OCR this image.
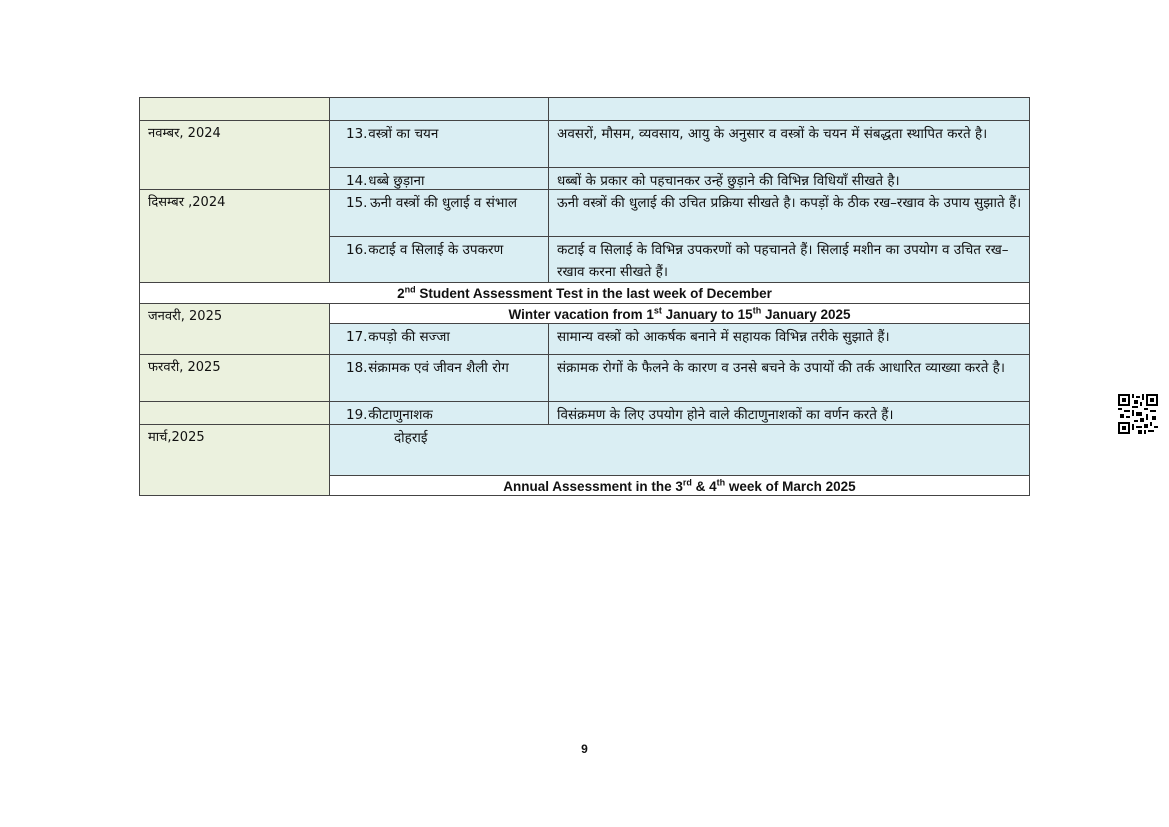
नवम्बर, 2024	13. वस्त्रों का चयन	अवसरों, मौसम, व्यवसाय, आयु के अनुसार व वस्त्रों के चयन में संबद्धता स्थापित करते है।
14. धब्बे छुड़ाना	धब्बों के प्रकार को पहचानकर उन्हें छुड़ाने की विभिन्न विधियाँ सीखते है।
दिसम्बर ,2024	15. ऊनी वस्त्रों की धुलाई व संभाल	ऊनी वस्त्रों की धुलाई की उचित प्रक्रिया सीखते है। कपड़ों के ठीक रख–रखाव के उपाय सुझाते हैं।
16. कटाई व सिलाई के उपकरण	कटाई व सिलाई के विभिन्न उपकरणों को पहचानते हैं। सिलाई मशीन का उपयोग व उचित रख–रखाव करना सीखते हैं।
2nd Student Assessment Test in the last week of December
जनवरी, 2025	Winter vacation from 1st January to 15th January 2025
17. कपड़ो की सज्जा	सामान्य वस्त्रों को आकर्षक बनाने में सहायक विभिन्न तरीके सुझाते हैं।
फरवरी, 2025	18. संक्रामक एवं जीवन शैली रोग	संक्रामक रोगों के फैलने के कारण व उनसे बचने के उपायों की तर्क आधारित व्याख्या करते है।
19. कीटाणुनाशक	विसंक्रमण के लिए उपयोग होने वाले कीटाणुनाशकों का वर्णन करते हैं।
मार्च,2025	दोहराई
Annual Assessment in the 3rd & 4th week of March 2025
9
